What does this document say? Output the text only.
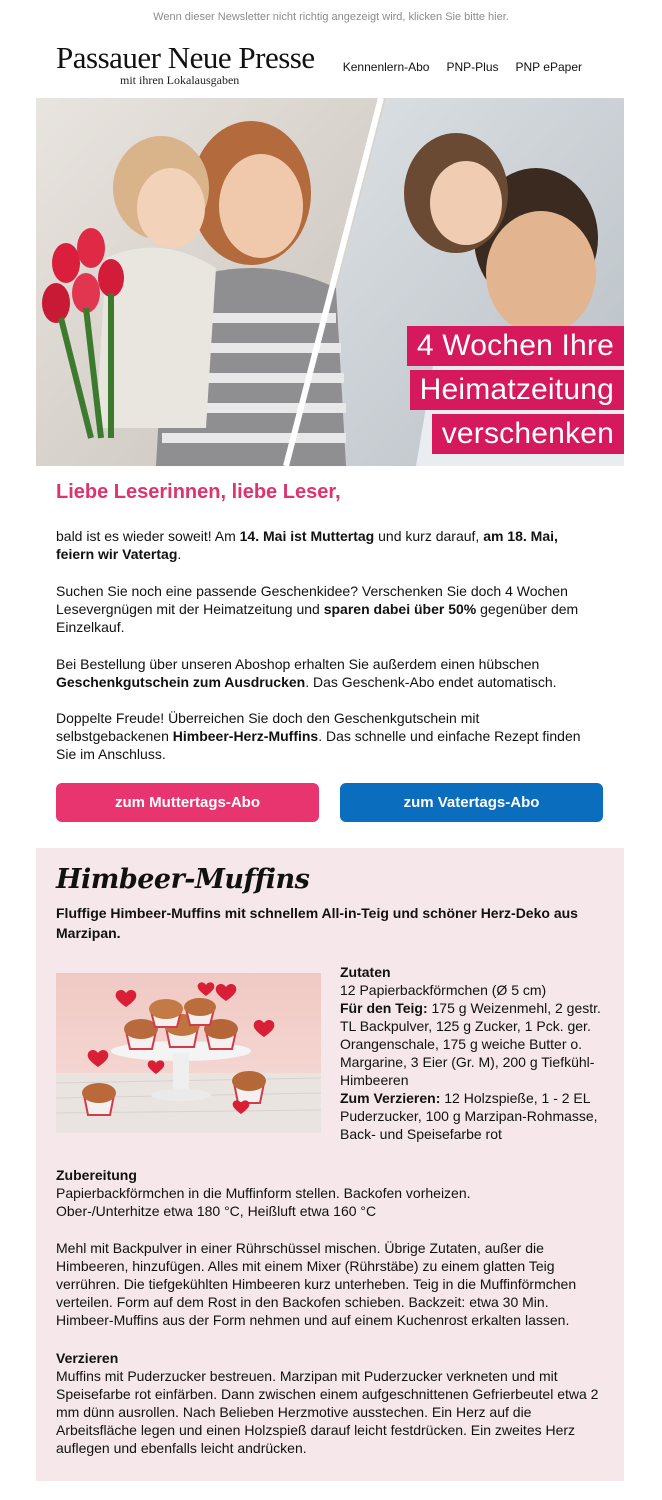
Wenn dieser Newsletter nicht richtig angezeigt wird, klicken Sie bitte hier.
Passauer Neue Presse
mit ihren Lokalausgaben
Kennenlern-Abo PNP-Plus PNP ePaper
4 Wochen Ihre
Heimatzeitung
verschenken
Liebe Leserinnen, liebe Leser,
bald ist es wieder soweit! Am 14. Mai ist Muttertag und kurz darauf, am 18. Mai, feiern wir Vatertag.
Suchen Sie noch eine passende Geschenkidee? Verschenken Sie doch 4 Wochen Lesevergnügen mit der Heimatzeitung und sparen dabei über 50% gegenüber dem Einzelkauf.
Bei Bestellung über unseren Aboshop erhalten Sie außerdem einen hübschen Geschenkgutschein zum Ausdrucken. Das Geschenk-Abo endet automatisch.
Doppelte Freude! Überreichen Sie doch den Geschenkgutschein mit selbstgebackenen Himbeer-Herz-Muffins. Das schnelle und einfache Rezept finden Sie im Anschluss.
zum Muttertags-Abo	zum Vatertags-Abo
Himbeer-Muffins
Fluffige Himbeer-Muffins mit schnellem All-in-Teig und schöner Herz-Deko aus Marzipan.
Zutaten
12 Papierbackförmchen (Ø 5 cm)
Für den Teig: 175 g Weizenmehl, 2 gestr. TL Backpulver, 125 g Zucker, 1 Pck. ger. Orangenschale, 175 g weiche Butter o. Margarine, 3 Eier (Gr. M), 200 g Tiefkühl-Himbeeren
Zum Verzieren: 12 Holzspieße, 1 - 2 EL Puderzucker, 100 g Marzipan-Rohmasse, Back- und Speisefarbe rot
Zubereitung
Papierbackförmchen in die Muffinform stellen. Backofen vorheizen.
Ober-/Unterhitze etwa 180 °C, Heißluft etwa 160 °C
Mehl mit Backpulver in einer Rührschüssel mischen. Übrige Zutaten, außer die Himbeeren, hinzufügen. Alles mit einem Mixer (Rührstäbe) zu einem glatten Teig verrühren. Die tiefgekühlten Himbeeren kurz unterheben. Teig in die Muffinförmchen verteilen. Form auf dem Rost in den Backofen schieben. Backzeit: etwa 30 Min. Himbeer-Muffins aus der Form nehmen und auf einem Kuchenrost erkalten lassen.
Verzieren
Muffins mit Puderzucker bestreuen. Marzipan mit Puderzucker verkneten und mit Speisefarbe rot einfärben. Dann zwischen einem aufgeschnittenen Gefrierbeutel etwa 2 mm dünn ausrollen. Nach Belieben Herzmotive ausstechen. Ein Herz auf die Arbeitsfläche legen und einen Holzspieß darauf leicht festdrücken. Ein zweites Herz auflegen und ebenfalls leicht andrücken.
